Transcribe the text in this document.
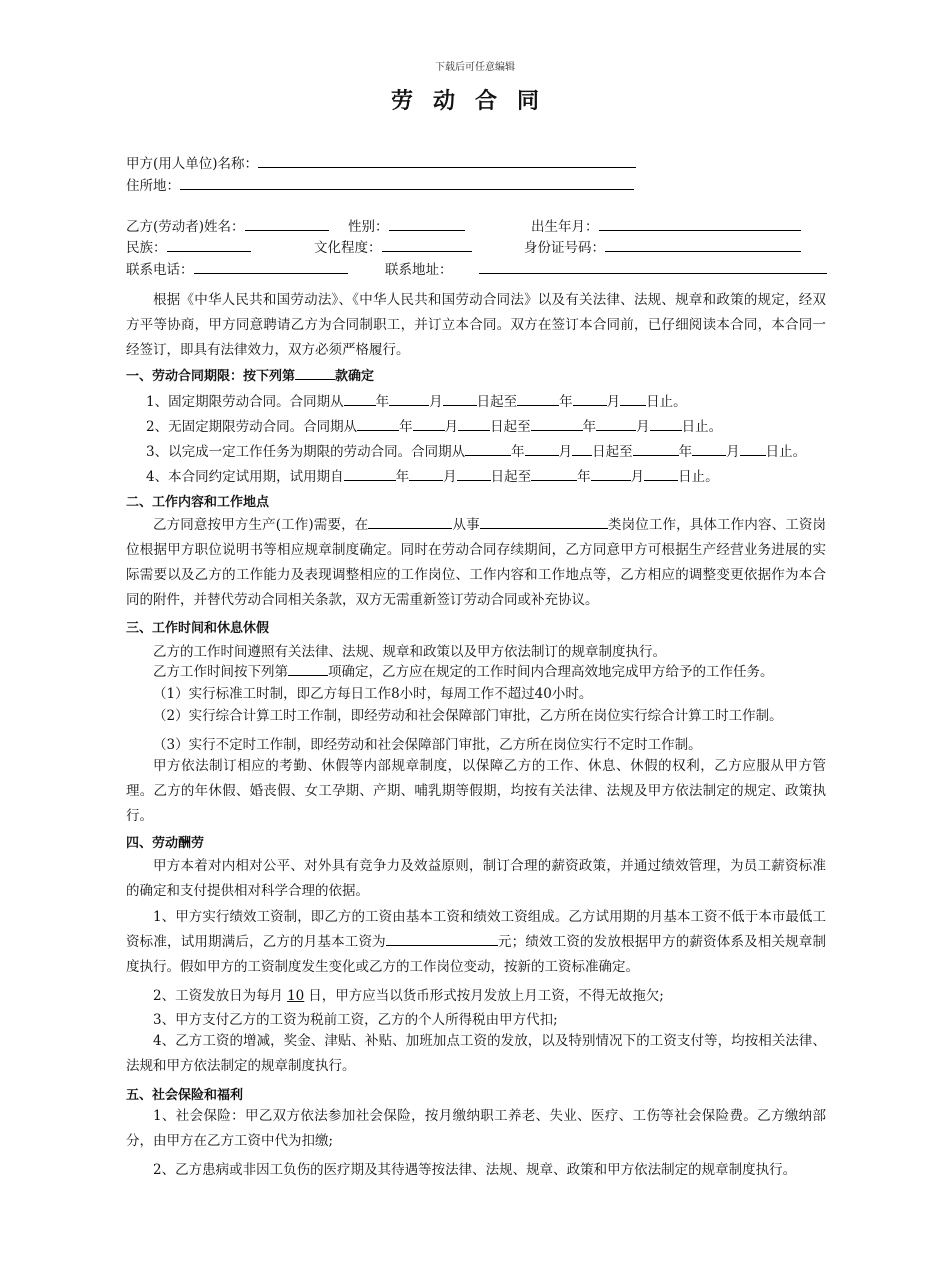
下载后可任意编辑
劳动合同
甲方(用人单位)名称：
住所地：
乙方(劳动者)姓名：	性别：	出生年月：
民族：	文化程度：	身份证号码：
联系电话：	联系地址：
根据《中华人民共和国劳动法》、《中华人民共和国劳动合同法》以及有关法律、法规、规章和政策的规定，经双方平等协商，甲方同意聘请乙方为合同制职工，并订立本合同。双方在签订本合同前，已仔细阅读本合同，本合同一经签订，即具有法律效力，双方必须严格履行。
一、劳动合同期限：按下列第	款确定
1、固定期限劳动合同。合同期从 年	月	日起至	年	月 日止。
2、无固定期限劳动合同。合同期从	年 月 日起至	年	月 日止。
3、以完成一定工作任务为期限的劳动合同。合同期从	年	月 日起至	年	月 日止。
4、本合同约定试用期，试用期自	年	月	日起至	年	月	日止。
二、工作内容和工作地点
乙方同意按甲方生产(工作)需要，在	从事	类岗位工作，具体工作内容、工资岗位根据甲方职位说明书等相应规章制度确定。同时在劳动合同存续期间，乙方同意甲方可根据生产经营业务进展的实际需要以及乙方的工作能力及表现调整相应的工作岗位、工作内容和工作地点等，乙方相应的调整变更依据作为本合同的附件，并替代劳动合同相关条款，双方无需重新签订劳动合同或补充协议。
三、工作时间和休息休假
乙方的工作时间遵照有关法律、法规、规章和政策以及甲方依法制订的规章制度执行。
乙方工作时间按下列第	项确定，乙方应在规定的工作时间内合理高效地完成甲方给予的工作任务。
（1）实行标准工时制，即乙方每日工作8小时，每周工作不超过40小时。
（2）实行综合计算工时工作制，即经劳动和社会保障部门审批，乙方所在岗位实行综合计算工时工作制。
（3）实行不定时工作制，即经劳动和社会保障部门审批，乙方所在岗位实行不定时工作制。
甲方依法制订相应的考勤、休假等内部规章制度，以保障乙方的工作、休息、休假的权利，乙方应服从甲方管理。乙方的年休假、婚丧假、女工孕期、产期、哺乳期等假期，均按有关法律、法规及甲方依法制定的规定、政策执行。
四、劳动酬劳
甲方本着对内相对公平、对外具有竞争力及效益原则，制订合理的薪资政策，并通过绩效管理，为员工薪资标准的确定和支付提供相对科学合理的依据。
1、甲方实行绩效工资制，即乙方的工资由基本工资和绩效工资组成。乙方试用期的月基本工资不低于本市最低工资标准，试用期满后，乙方的月基本工资为	元；绩效工资的发放根据甲方的薪资体系及相关规章制度执行。假如甲方的工资制度发生变化或乙方的工作岗位变动，按新的工资标准确定。
2、工资发放日为每月 10 日，甲方应当以货币形式按月发放上月工资，不得无故拖欠;
3、甲方支付乙方的工资为税前工资，乙方的个人所得税由甲方代扣;
4、乙方工资的增减，奖金、津贴、补贴、加班加点工资的发放，以及特别情况下的工资支付等，均按相关法律、法规和甲方依法制定的规章制度执行。
五、社会保险和福利
1、社会保险：甲乙双方依法参加社会保险，按月缴纳职工养老、失业、医疗、工伤等社会保险费。乙方缴纳部分，由甲方在乙方工资中代为扣缴;
2、乙方患病或非因工负伤的医疗期及其待遇等按法律、法规、规章、政策和甲方依法制定的规章制度执行。
